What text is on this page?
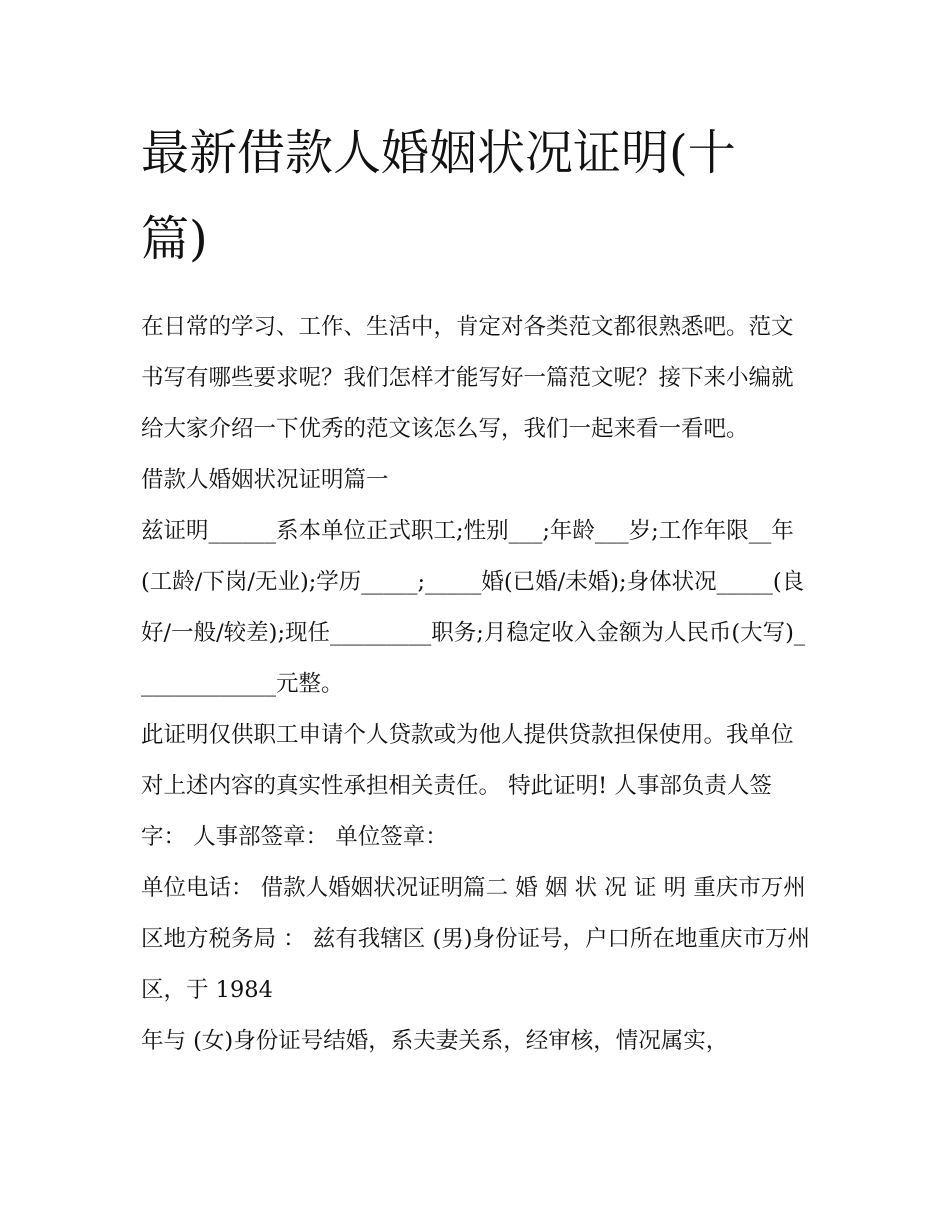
最新借款人婚姻状况证明(十篇)

在日常的学习、工作、生活中，肯定对各类范文都很熟悉吧。范文书写有哪些要求呢？我们怎样才能写好一篇范文呢？接下来小编就给大家介绍一下优秀的范文该怎么写，我们一起来看一看吧。

借款人婚姻状况证明篇一

兹证明______系本单位正式职工;性别___;年龄___岁;工作年限__年(工龄/下岗/无业);学历_____;_____婚(已婚/未婚);身体状况_____(良好/一般/较差);现任_________职务;月稳定收入金额为人民币(大写)_____________元整。

此证明仅供职工申请个人贷款或为他人提供贷款担保使用。我单位对上述内容的真实性承担相关责任。 特此证明! 人事部负责人签字： 人事部签章： 单位签章：

单位电话： 借款人婚姻状况证明篇二 婚 姻 状 况 证 明 重庆市万州区地方税务局 ： 兹有我辖区 (男)身份证号，户口所在地重庆市万州区，于 1984

年与 (女)身份证号结婚，系夫妻关系，经审核，情况属实，
